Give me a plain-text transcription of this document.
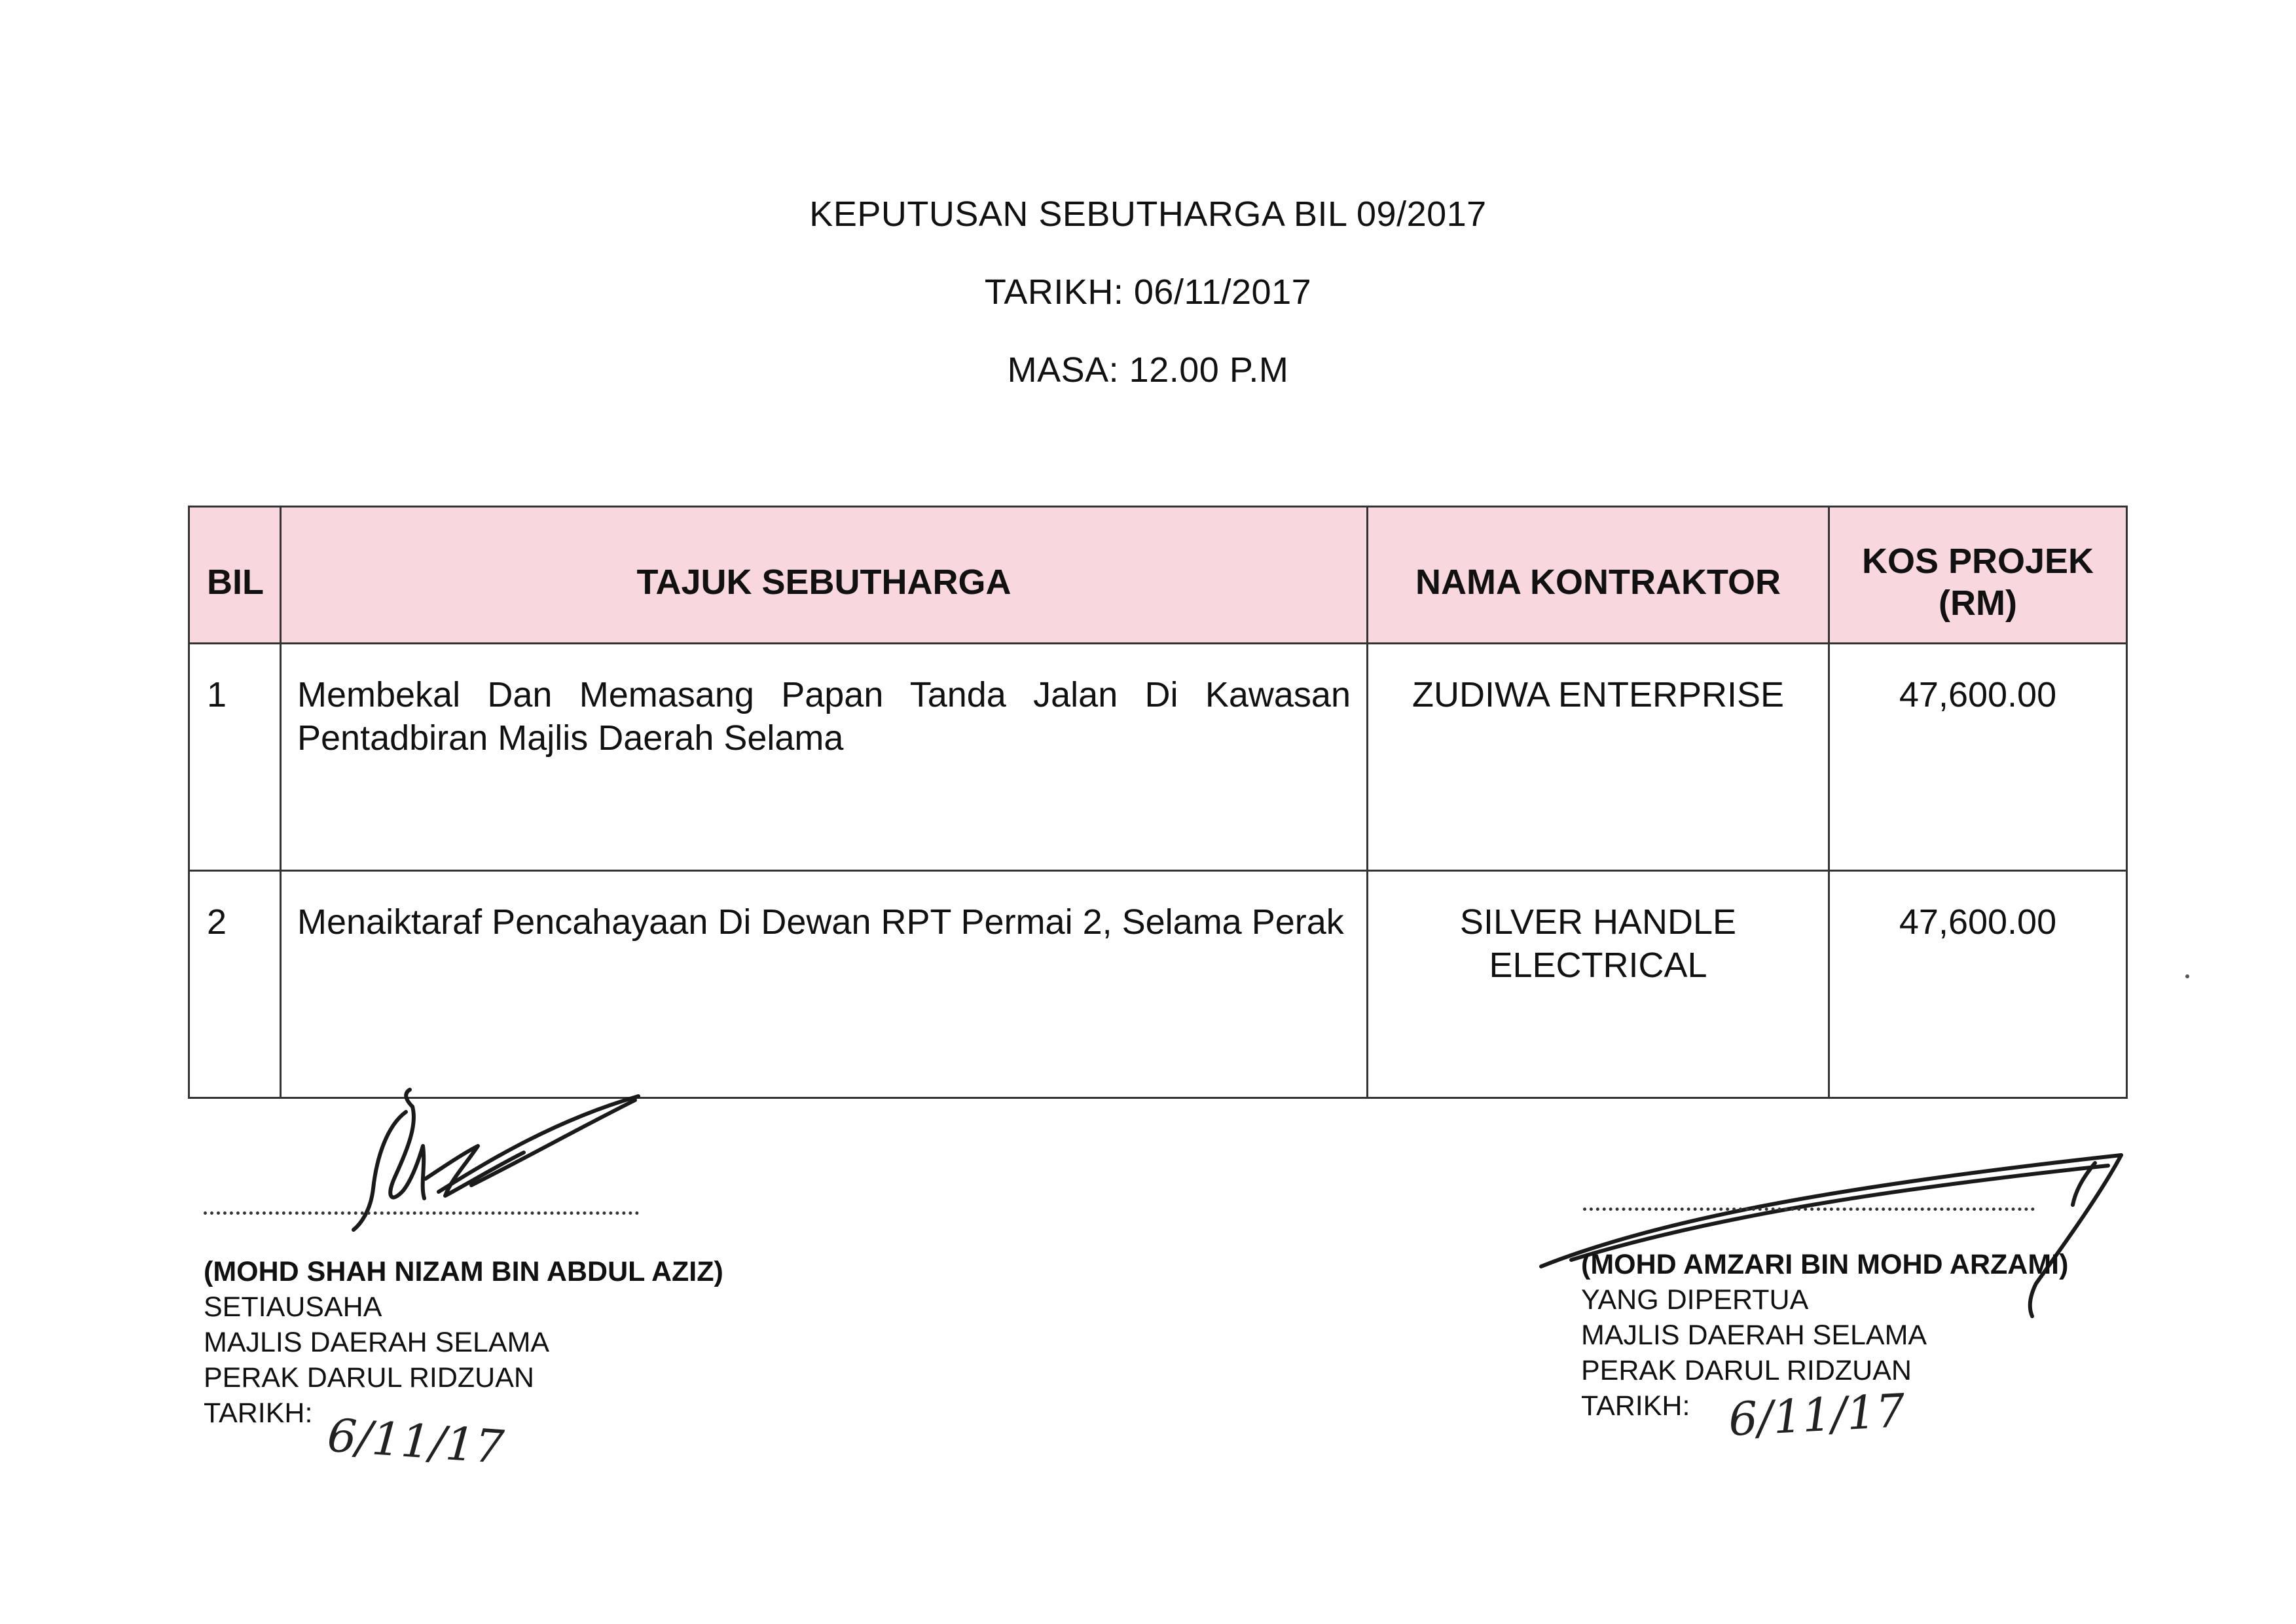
KEPUTUSAN SEBUTHARGA BIL 09/2017
TARIKH: 06/11/2017
MASA: 12.00 P.M
BIL	TAJUK SEBUTHARGA	NAMA KONTRAKTOR	KOS PROJEK (RM)
1	Membekal Dan Memasang Papan Tanda Jalan Di Kawasan Pentadbiran Majlis Daerah Selama	ZUDIWA ENTERPRISE	47,600.00
2	Menaiktaraf Pencahayaan Di Dewan RPT Permai 2, Selama Perak	SILVER HANDLE ELECTRICAL	47,600.00
(MOHD SHAH NIZAM BIN ABDUL AZIZ)
SETIAUSAHA
MAJLIS DAERAH SELAMA
PERAK DARUL RIDZUAN
TARIKH: 6/11/17
(MOHD AMZARI BIN MOHD ARZAMI)
YANG DIPERTUA
MAJLIS DAERAH SELAMA
PERAK DARUL RIDZUAN
TARIKH: 6/11/17
